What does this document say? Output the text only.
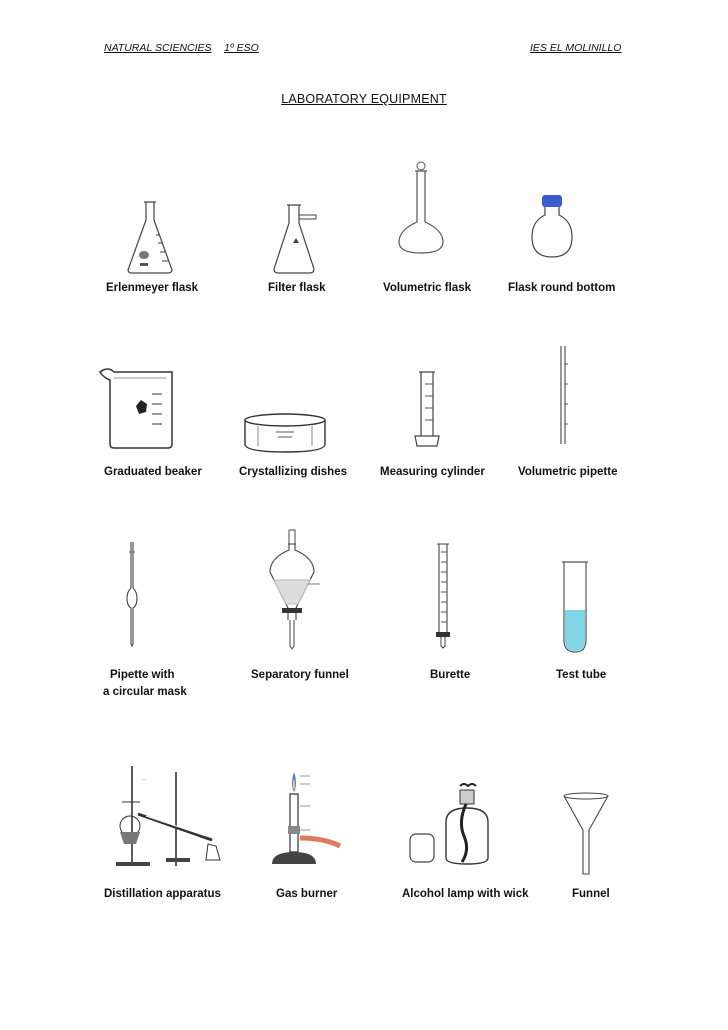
NATURAL SCIENCIES 1º ESO	IES EL MOLINILLO
LABORATORY EQUIPMENT
Erlenmeyer flask	Filter flask	Volumetric flask	Flask round bottom
Graduated beaker	Crystallizing dishes	Measuring cylinder	Volumetric pipette
Pipette with
a circular mask
Separatory funnel	Burette	Test tube
—
Distillation apparatus	Gas burner	Alcohol lamp with wick	Funnel
